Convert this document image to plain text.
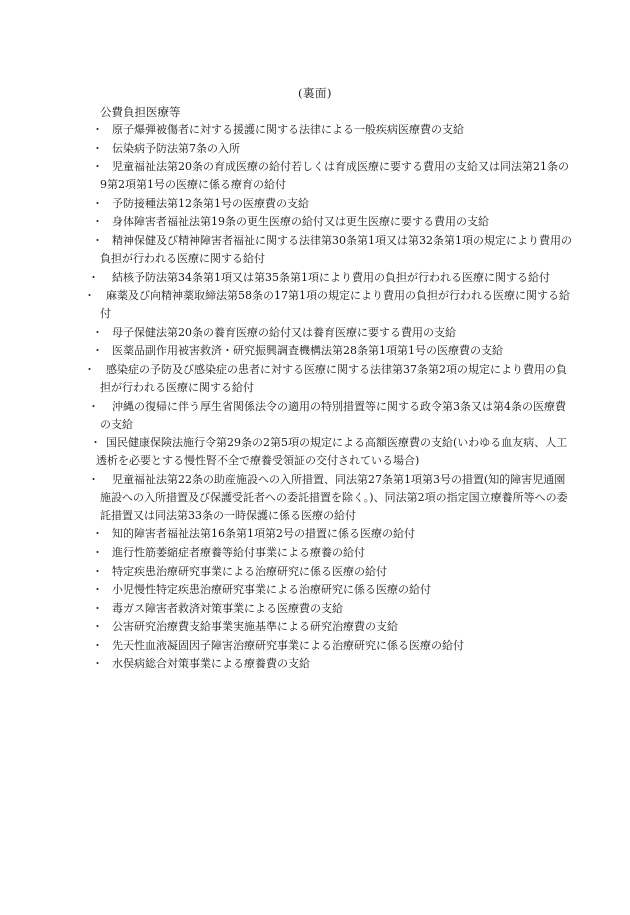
(裏面)
公費負担医療等
・ 原子爆弾被傷者に対する援護に関する法律による一般疾病医療費の支給
・ 伝染病予防法第7条の入所
・ 児童福祉法第20条の育成医療の給付若しくは育成医療に要する費用の支給又は同法第21条の9第2項第1号の医療に係る療育の給付
・ 予防接種法第12条第1号の医療費の支給
・ 身体障害者福祉法第19条の更生医療の給付又は更生医療に要する費用の支給
・ 精神保健及び精神障害者福祉に関する法律第30条第1項又は第32条第1項の規定により費用の負担が行われる医療に関する給付
・	結核予防法第34条第1項又は第35条第1項により費用の負担が行われる医療に関する給付
・	麻薬及び向精神薬取締法第58条の17第1項の規定により費用の負担が行われる医療に関する給付
・ 母子保健法第20条の養育医療の給付又は養育医療に要する費用の支給
・ 医薬品副作用被害救済・研究振興調査機構法第28条第1項第1号の医療費の支給
・	感染症の予防及び感染症の患者に対する医療に関する法律第37条第2項の規定により費用の負担が行われる医療に関する給付
・	沖縄の復帰に伴う厚生省関係法令の適用の特別措置等に関する政令第3条又は第4条の医療費の支給
・ 国民健康保険法施行令第29条の2第5項の規定による高額医療費の支給(いわゆる血友病、人工透析を必要とする慢性腎不全で療養受領証の交付されている場合)
・	児童福祉法第22条の助産施設への入所措置、同法第27条第1項第3号の措置(知的障害児通園施設への入所措置及び保護受託者への委託措置を除く。)、同法第2項の指定国立療養所等への委託措置又は同法第33条の一時保護に係る医療の給付
・ 知的障害者福祉法第16条第1項第2号の措置に係る医療の給付
・ 進行性筋萎縮症者療養等給付事業による療養の給付
・ 特定疾患治療研究事業による治療研究に係る医療の給付
・ 小児慢性特定疾患治療研究事業による治療研究に係る医療の給付
・ 毒ガス障害者救済対策事業による医療費の支給
・ 公害研究治療費支給事業実施基準による研究治療費の支給
・ 先天性血液凝固因子障害治療研究事業による治療研究に係る医療の給付
・ 水俣病総合対策事業による療養費の支給
